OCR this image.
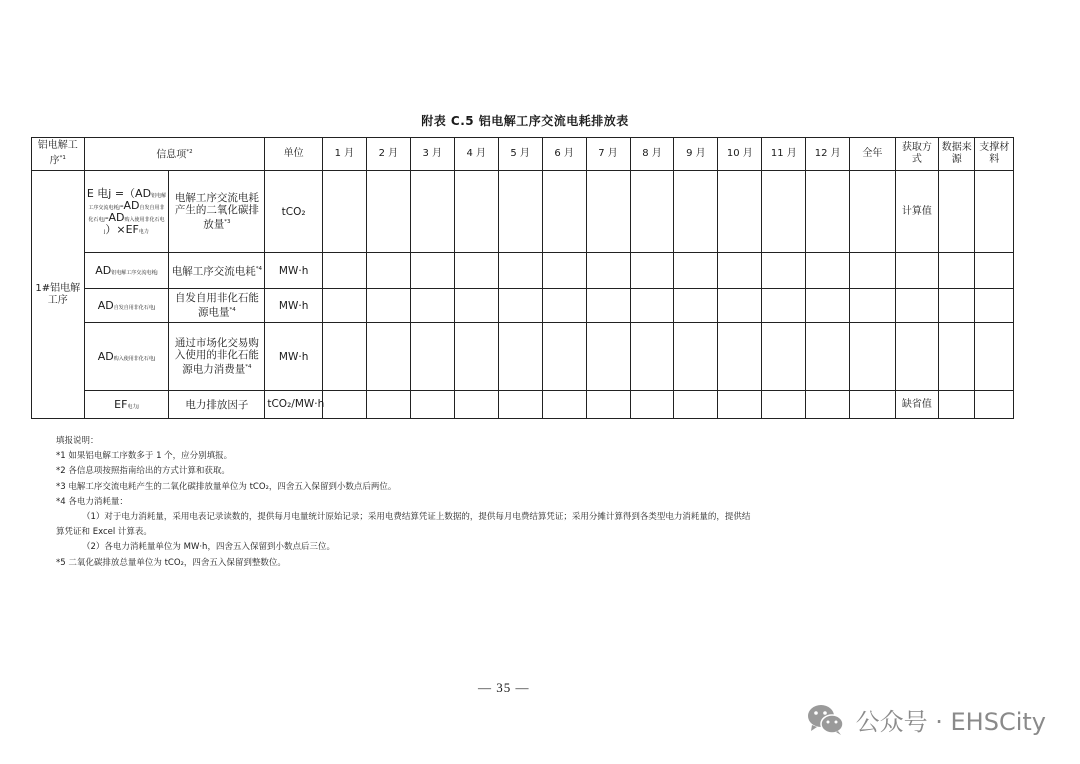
附表 C.5 铝电解工序交流电耗排放表
铝电解工序$^{*1}$	信息项$^{*2}$		单位	1 月	2 月	3 月	4 月	5 月	6 月	7 月	8 月	9 月	10 月	11 月	12 月	全年	获取方式	数据来源	支撑材料
1#铝电解工序	E 电j =（AD铝电解工序交流电耗j-AD自发自用非化石电j-AD购入使用非化石电j）×EF电力	电解工序交流电耗产生的二氧化碳排放量$^{*3}$	tCO₂														计算值		
	AD铝电解工序交流电耗j	电解工序交流电耗$^{*4}$	MW·h																
	AD自发自用非化石电j	自发自用非化石能源电量$^{*4}$	MW·h																
	AD购入使用非化石电j	通过市场化交易购入使用的非化石能源电力消费量$^{*4}$	MW·h																
	EF电力j	电力排放因子	tCO₂/MW·h														缺省值		
填报说明：
*1 如果铝电解工序数多于 1 个，应分别填报。
*2 各信息项按照指南给出的方式计算和获取。
*3 电解工序交流电耗产生的二氧化碳排放量单位为 tCO₂，四舍五入保留到小数点后两位。
*4 各电力消耗量：
（1）对于电力消耗量，采用电表记录读数的，提供每月电量统计原始记录；采用电费结算凭证上数据的，提供每月电费结算凭证；采用分摊计算得到各类型电力消耗量的，提供结
算凭证和 Excel 计算表。
（2）各电力消耗量单位为 MW·h，四舍五入保留到小数点后三位。
*5 二氧化碳排放总量单位为 tCO₂，四舍五入保留到整数位。
— 35 —
公众号 · EHSCity
